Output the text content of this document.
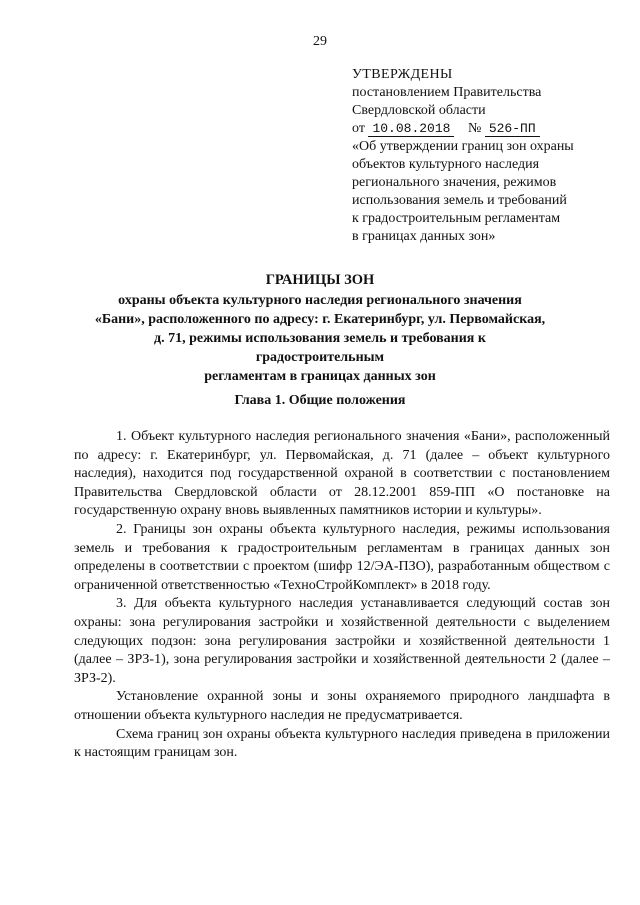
29
УТВЕРЖДЕНЫ
постановлением Правительства
Свердловской области
от 10.08.2018 № 526-ПП
«Об утверждении границ зон охраны
объектов культурного наследия
регионального значения, режимов
использования земель и требований
к градостроительным регламентам
в границах данных зон»
ГРАНИЦЫ ЗОН
охраны объекта культурного наследия регионального значения
«Бани», расположенного по адресу: г. Екатеринбург, ул. Первомайская,
д. 71, режимы использования земель и требования к градостроительным
регламентам в границах данных зон
Глава 1. Общие положения

1. Объект культурного наследия регионального значения «Бани», расположенный по адресу: г. Екатеринбург, ул. Первомайская, д. 71 (далее – объект культурного наследия), находится под государственной охраной в соответствии с постановлением Правительства Свердловской области от 28.12.2001 859-ПП «О постановке на государственную охрану вновь выявленных памятников истории и культуры».

2. Границы зон охраны объекта культурного наследия, режимы использования земель и требования к градостроительным регламентам в границах данных зон определены в соответствии с проектом (шифр 12/ЭА-ПЗО), разработанным обществом с ограниченной ответственностью «ТехноСтройКомплект» в 2018 году.

3. Для объекта культурного наследия устанавливается следующий состав зон охраны: зона регулирования застройки и хозяйственной деятельности с выделением следующих подзон: зона регулирования застройки и хозяйственной деятельности 1 (далее – ЗРЗ-1), зона регулирования застройки и хозяйственной деятельности 2 (далее – ЗРЗ-2).

Установление охранной зоны и зоны охраняемого природного ландшафта в отношении объекта культурного наследия не предусматривается.

Схема границ зон охраны объекта культурного наследия приведена в приложении к настоящим границам зон.
